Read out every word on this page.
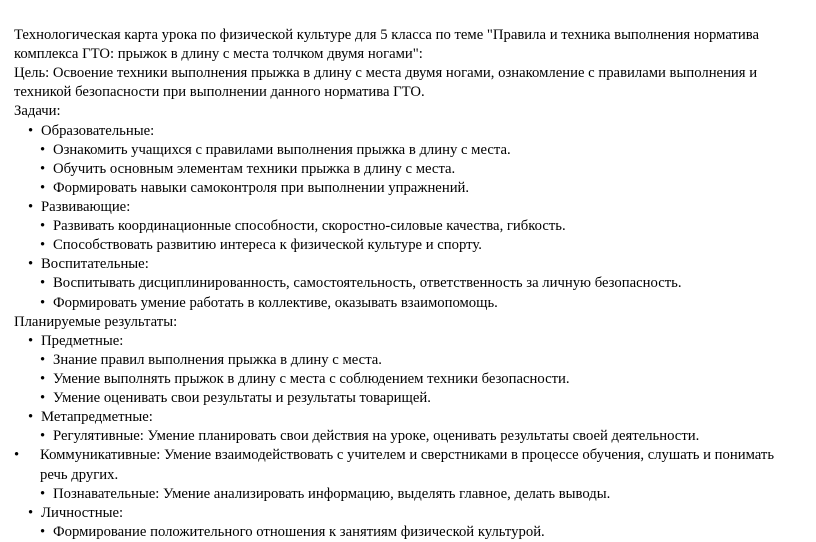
Технологическая карта урока по физической культуре для 5 класса по теме "Правила и техника выполнения норматива комплекса ГТО: прыжок в длину с места толчком двумя ногами":

Цель: Освоение техники выполнения прыжка в длину с места двумя ногами, ознакомление с правилами выполнения и техникой безопасности при выполнении данного норматива ГТО.

Задачи:

• Образовательные:

• Ознакомить учащихся с правилами выполнения прыжка в длину с места.

• Обучить основным элементам техники прыжка в длину с места.

• Формировать навыки самоконтроля при выполнении упражнений.

• Развивающие:

• Развивать координационные способности, скоростно-силовые качества, гибкость.

• Способствовать развитию интереса к физической культуре и спорту.

• Воспитательные:

• Воспитывать дисциплинированность, самостоятельность, ответственность за личную безопасность.

• Формировать умение работать в коллективе, оказывать взаимопомощь.

Планируемые результаты:

• Предметные:

• Знание правил выполнения прыжка в длину с места.

• Умение выполнять прыжок в длину с места с соблюдением техники безопасности.

• Умение оценивать свои результаты и результаты товарищей.

• Метапредметные:

• Регулятивные: Умение планировать свои действия на уроке, оценивать результаты своей деятельности.

• Коммуникативные: Умение взаимодействовать с учителем и сверстниками в процессе обучения, слушать и понимать речь других.

• Познавательные: Умение анализировать информацию, выделять главное, делать выводы.

• Личностные:

• Формирование положительного отношения к занятиям физической культурой.
